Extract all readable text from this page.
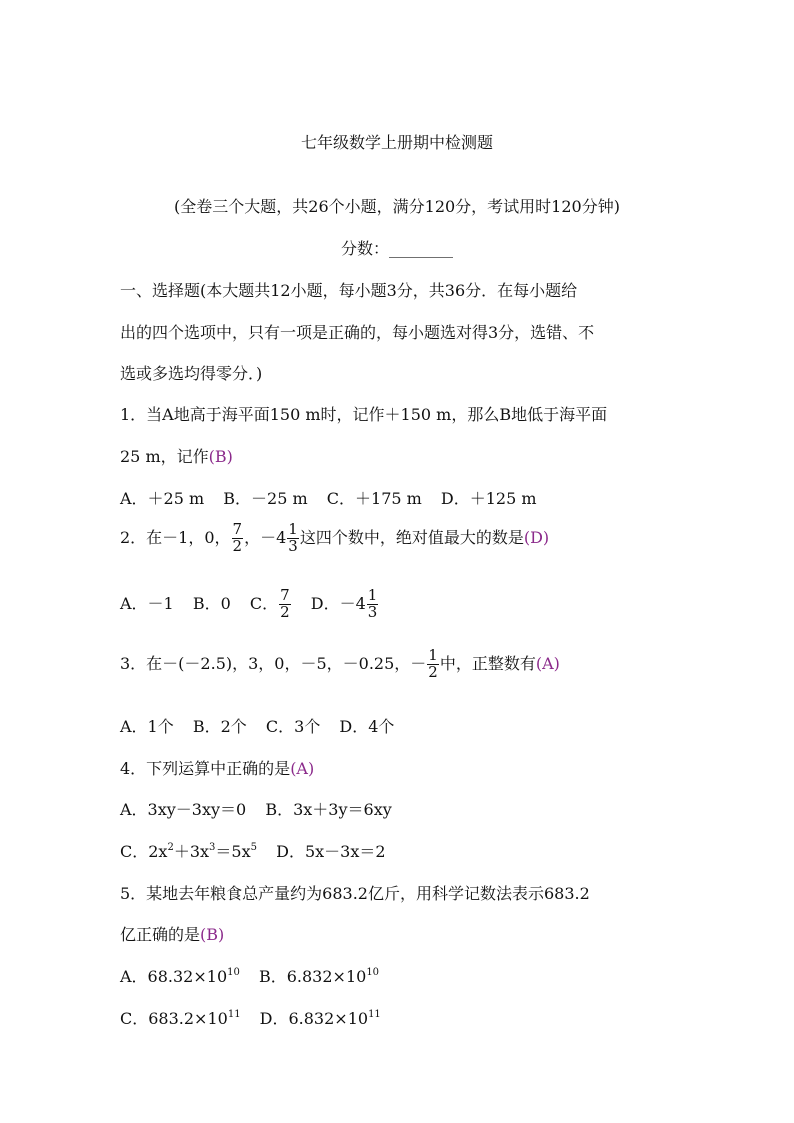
七年级数学上册期中检测题
(全卷三个大题，共26个小题，满分120分，考试用时120分钟)
分数：________
一、选择题(本大题共12小题，每小题3分，共36分．在每小题给
出的四个选项中，只有一项是正确的，每小题选对得3分，选错、不
选或多选均得零分．)
1．当A地高于海平面150 m时，记作＋150 m，那么B地低于海平面
25 m，记作(B)
A．＋25 m B．－25 m C．＋175 m D．＋125 m
2．在－1，0， $\frac{7}{2}$ ，$-4 \frac{1}{3}$ 这四个数中，绝对值最大的数是(D)
A．－1 B．0 C． $\frac{7}{2}$ D．$-4 \frac{1}{3}$
3．在－(－2.5)，3，0，－5，－0.25，－ $\frac{1}{2}$ 中，正整数有(A)
A．1个 B．2个 C．3个 D．4个
4．下列运算中正确的是(A)
A．3xy－3xy＝0 B．3x＋3y＝6xy
C．$2x^2+3x^3=5x^5$ D．5x－3x＝2
5．某地去年粮食总产量约为683.2亿斤，用科学记数法表示683.2
亿正确的是(B)
A．$68.32\times 10^{10}$ B．$6.832\times 10^{10}$
C．$683.2\times 10^{11}$ D．$6.832\times 10^{11}$
